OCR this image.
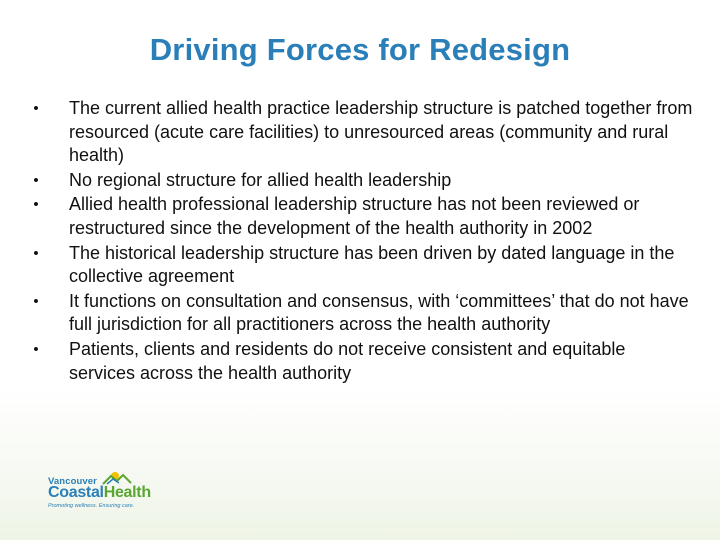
Driving Forces for Redesign
• The current allied health practice leadership structure is patched together from resourced (acute care facilities) to unresourced areas (community and rural health)
• No regional structure for allied health leadership
• Allied health professional leadership structure has not been reviewed or restructured since the development of the health authority in 2002
• The historical leadership structure has been driven by dated language in the collective agreement
• It functions on consultation and consensus, with ‘committees’ that do not have full jurisdiction for all practitioners across the health authority
• Patients, clients and residents do not receive consistent and equitable services across the health authority
Vancouver
CoastalHealth
Promoting wellness. Ensuring care.
